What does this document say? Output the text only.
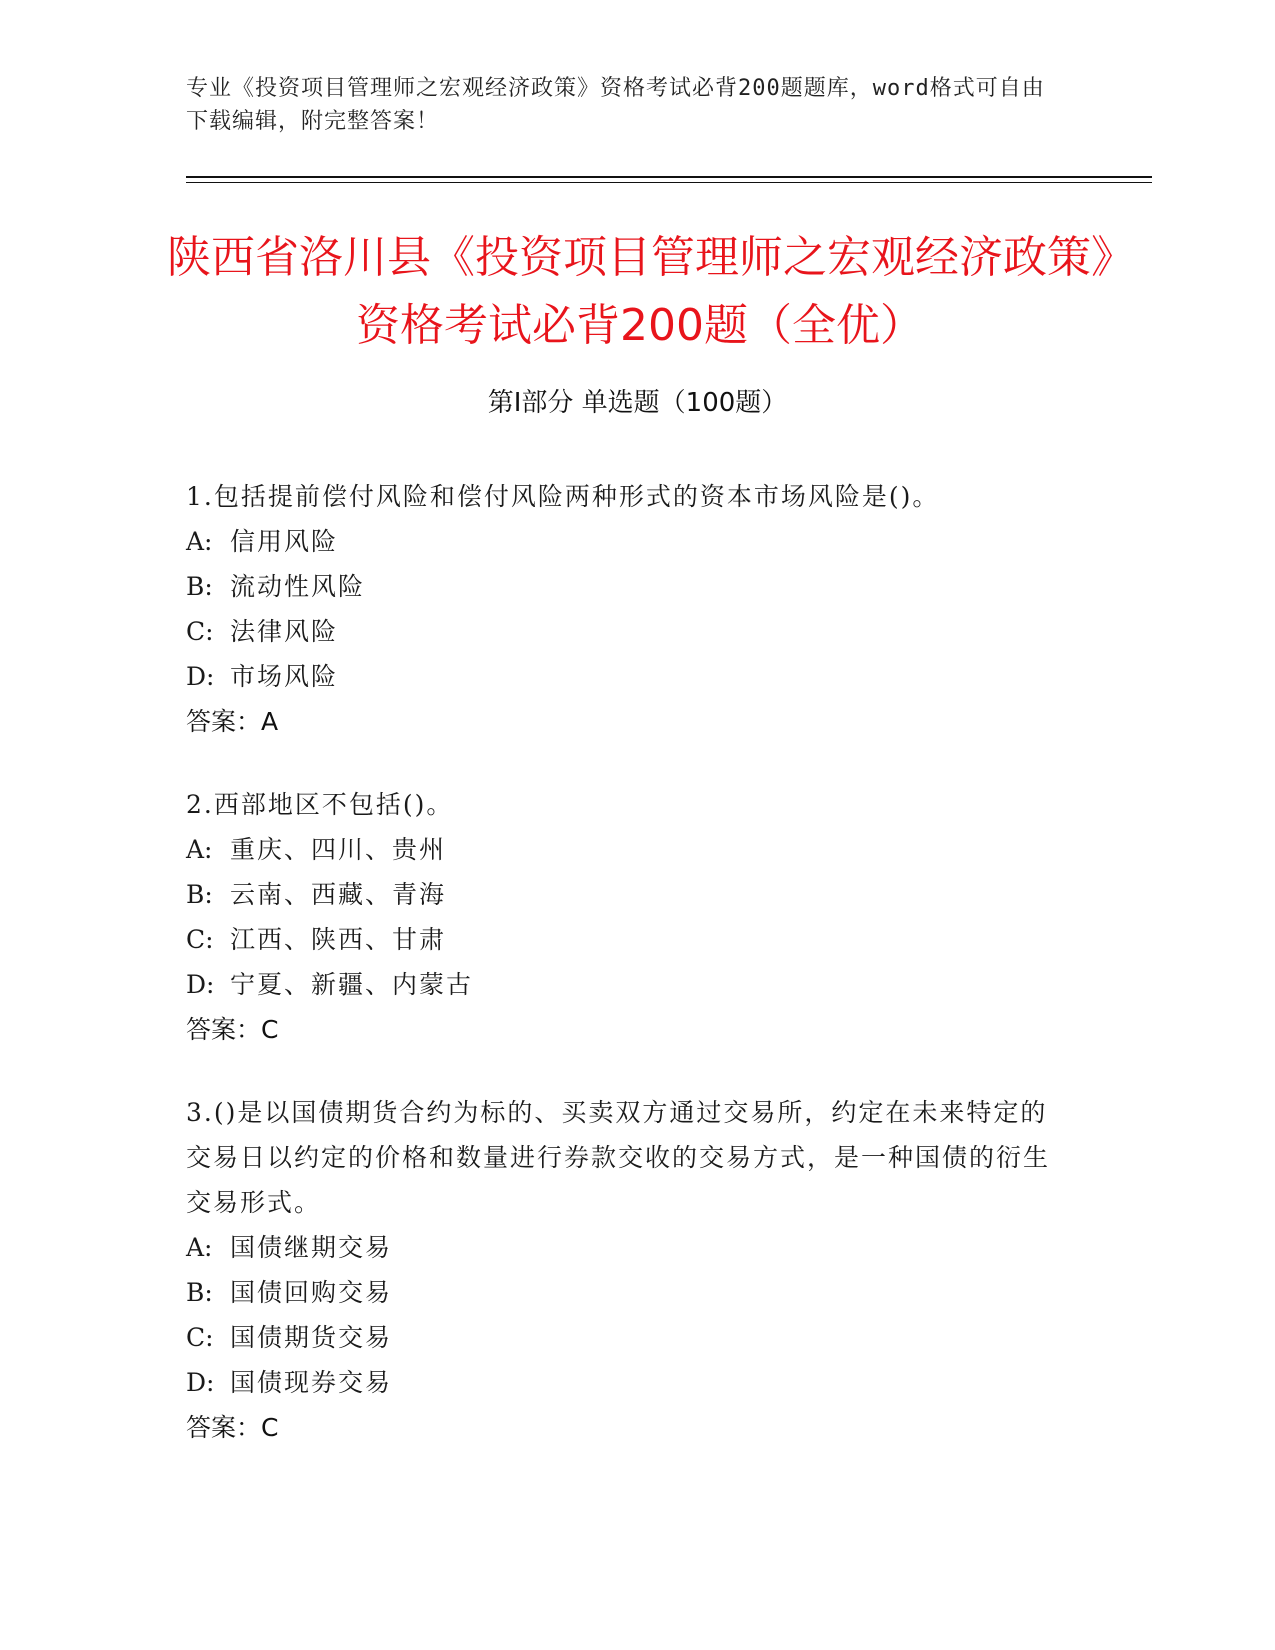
专业《投资项目管理师之宏观经济政策》资格考试必背200题题库，word格式可自由下载编辑，附完整答案！
陕西省洛川县《投资项目管理师之宏观经济政策》资格考试必背200题（全优）
第Ⅰ部分 单选题（100题）
1.包括提前偿付风险和偿付风险两种形式的资本市场风险是()。
A: 信用风险
B: 流动性风险
C: 法律风险
D: 市场风险
答案：A
2.西部地区不包括()。
A: 重庆、四川、贵州
B: 云南、西藏、青海
C: 江西、陕西、甘肃
D: 宁夏、新疆、内蒙古
答案：C
3.()是以国债期货合约为标的、买卖双方通过交易所，约定在未来特定的交易日以约定的价格和数量进行券款交收的交易方式，是一种国债的衍生交易形式。
A: 国债继期交易
B: 国债回购交易
C: 国债期货交易
D: 国债现券交易
答案：C
